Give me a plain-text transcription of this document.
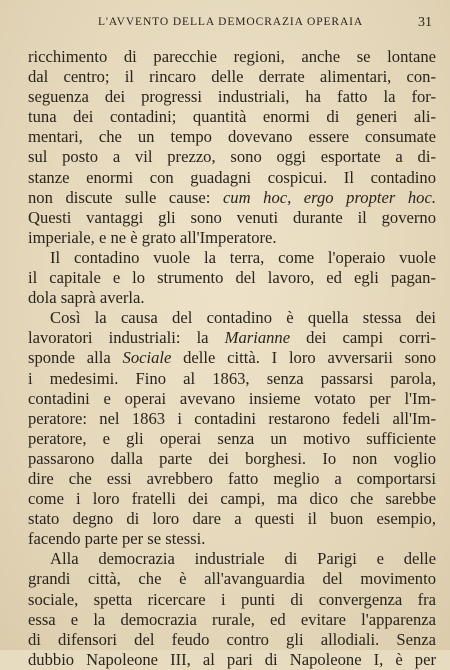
L'AVVENTO DELLA DEMOCRAZIA OPERAIA	31
ricchimento di parecchie regioni, anche se lontane
dal centro; il rincaro delle derrate alimentari, con-
seguenza dei progressi industriali, ha fatto la for-
tuna dei contadini; quantità enormi di generi ali-
mentari, che un tempo dovevano essere consumate
sul posto a vil prezzo, sono oggi esportate a di-
stanze enormi con guadagni cospicui. Il contadino
non discute sulle cause: cum hoc, ergo propter hoc.
Questi vantaggi gli sono venuti durante il governo
imperiale, e ne è grato all'Imperatore.
Il contadino vuole la terra, come l'operaio vuole
il capitale e lo strumento del lavoro, ed egli pagan-
dola saprà averla.
Così la causa del contadino è quella stessa dei
lavoratori industriali: la Marianne dei campi corri-
sponde alla Sociale delle città. I loro avversarii sono
i medesimi. Fino al 1863, senza passarsi parola,
contadini e operai avevano insieme votato per l'Im-
peratore: nel 1863 i contadini restarono fedeli all'Im-
peratore, e gli operai senza un motivo sufficiente
passarono dalla parte dei borghesi. Io non voglio
dire che essi avrebbero fatto meglio a comportarsi
come i loro fratelli dei campi, ma dico che sarebbe
stato degno di loro dare a questi il buon esempio,
facendo parte per se stessi.
Alla democrazia industriale di Parigi e delle
grandi città, che è all'avanguardia del movimento
sociale, spetta ricercare i punti di convergenza fra
essa e la democrazia rurale, ed evitare l'apparenza
di difensori del feudo contro gli allodiali. Senza
dubbio Napoleone III, al pari di Napoleone I, è per
